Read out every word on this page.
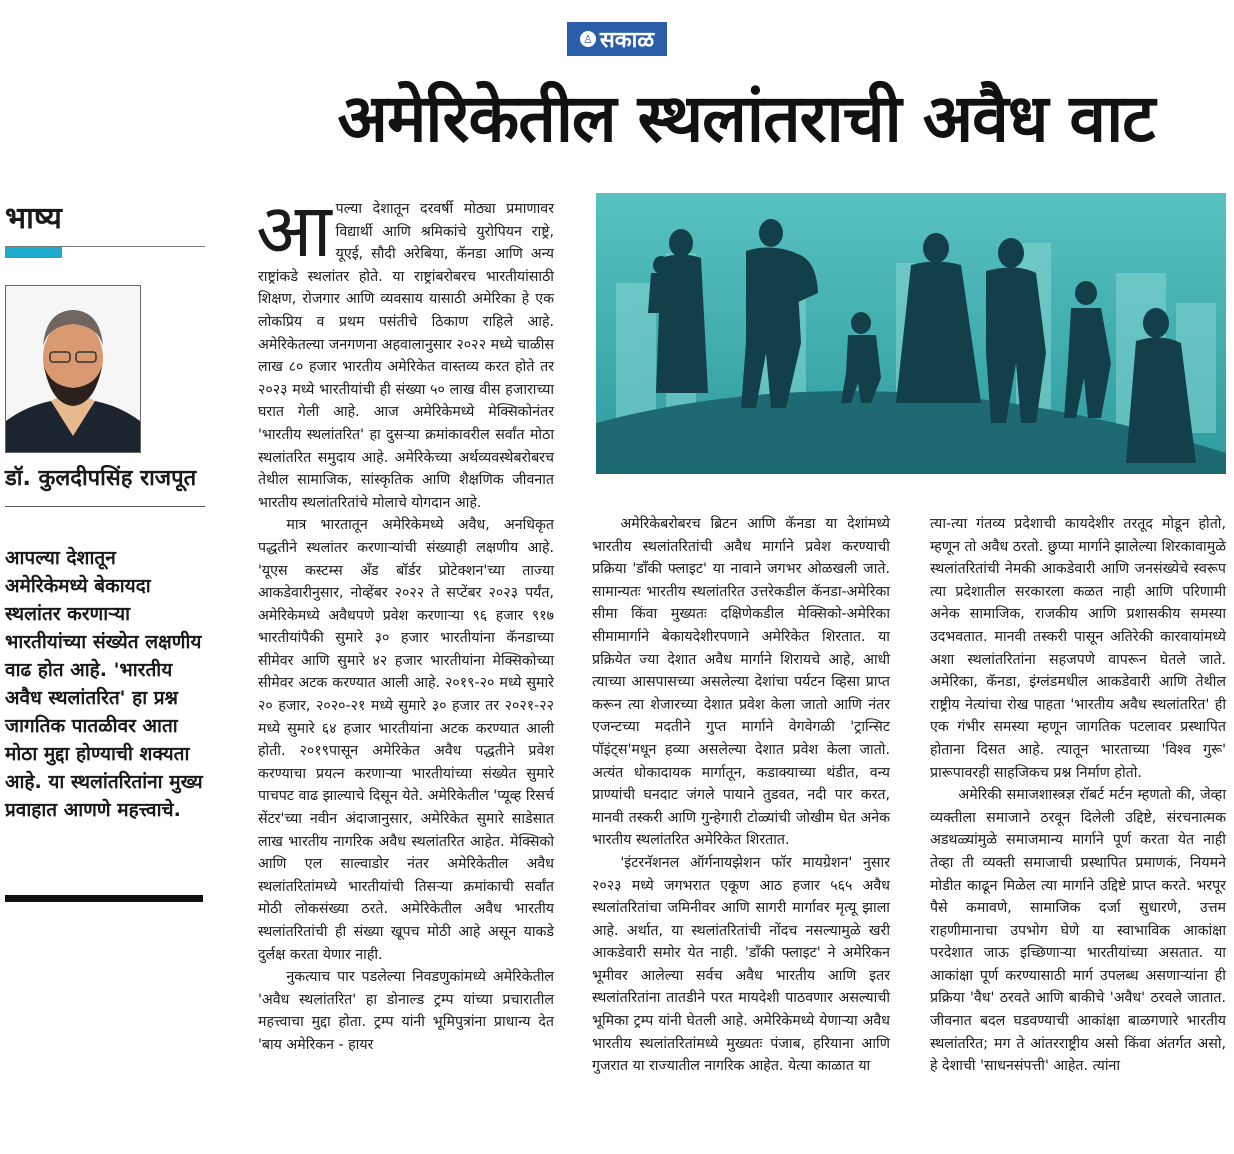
♙ सकाळ
अमेरिकेतील स्थलांतराची अवैध वाट
भाष्य
डॉ. कुलदीपसिंह राजपूत

आपल्या देशातून अमेरिकेमध्ये बेकायदा स्थलांतर करणाऱ्या भारतीयांच्या संख्येत लक्षणीय वाढ होत आहे. 'भारतीय अवैध स्थलांतरित' हा प्रश्न जागतिक पातळीवर आता मोठा मुद्दा होण्याची शक्यता आहे. या स्थलांतरितांना मुख्य प्रवाहात आणणे महत्त्वाचे.

आपल्या देशातून दरवर्षी मोठ्या प्रमाणावर विद्यार्थी आणि श्रमिकांचे युरोपियन राष्ट्रे, यूएई, सौदी अरेबिया, कॅनडा आणि अन्य राष्ट्रांकडे स्थलांतर होते. या राष्ट्रांबरोबरच भारतीयांसाठी शिक्षण, रोजगार आणि व्यवसाय यासाठी अमेरिका हे एक लोकप्रिय व प्रथम पसंतीचे ठिकाण राहिले आहे. अमेरिकेतल्या जनगणना अहवालानुसार २०२२ मध्ये चाळीस लाख ८० हजार भारतीय अमेरिकेत वास्तव्य करत होते तर २०२३ मध्ये भारतीयांची ही संख्या ५० लाख वीस हजाराच्या घरात गेली आहे. आज अमेरिकेमध्ये मेक्सिकोनंतर 'भारतीय स्थलांतरित' हा दुसऱ्या क्रमांकावरील सर्वांत मोठा स्थलांतरित समुदाय आहे. अमेरिकेच्या अर्थव्यवस्थेबरोबरच तेथील सामाजिक, सांस्कृतिक आणि शैक्षणिक जीवनात भारतीय स्थलांतरितांचे मोलाचे योगदान आहे.

मात्र भारतातून अमेरिकेमध्ये अवैध, अनधिकृत पद्धतीने स्थलांतर करणाऱ्यांची संख्याही लक्षणीय आहे. 'यूएस कस्टम्स अँड बॉर्डर प्रोटेक्शन'च्या ताज्या आकडेवारीनुसार, नोव्हेंबर २०२२ ते सप्टेंबर २०२३ पर्यंत, अमेरिकेमध्ये अवैधपणे प्रवेश करणाऱ्या ९६ हजार ९१७ भारतीयांपैकी सुमारे ३० हजार भारतीयांना कॅनडाच्या सीमेवर आणि सुमारे ४२ हजार भारतीयांना मेक्सिकोच्या सीमेवर अटक करण्यात आली आहे. २०१९-२० मध्ये सुमारे २० हजार, २०२०-२१ मध्ये सुमारे ३० हजार तर २०२१-२२ मध्ये सुमारे ६४ हजार भारतीयांना अटक करण्यात आली होती. २०१९पासून अमेरिकेत अवैध पद्धतीने प्रवेश करण्याचा प्रयत्न करणाऱ्या भारतीयांच्या संख्येत सुमारे पाचपट वाढ झाल्याचे दिसून येते. अमेरिकेतील 'प्यूव्ह रिसर्च सेंटर'च्या नवीन अंदाजानुसार, अमेरिकेत सुमारे साडेसात लाख भारतीय नागरिक अवैध स्थलांतरित आहेत. मेक्सिको आणि एल साल्वाडोर नंतर अमेरिकेतील अवैध स्थलांतरितांमध्ये भारतीयांची तिसऱ्या क्रमांकाची सर्वांत मोठी लोकसंख्या ठरते. अमेरिकेतील अवैध भारतीय स्थलांतरितांची ही संख्या खूपच मोठी आहे असून याकडे दुर्लक्ष करता येणार नाही.

नुकत्याच पार पडलेल्या निवडणुकांमध्ये अमेरिकेतील 'अवैध स्थलांतरित' हा डोनाल्ड ट्रम्प यांच्या प्रचारातील महत्त्वाचा मुद्दा होता. ट्रम्प यांनी भूमिपुत्रांना प्राधान्य देत 'बाय अमेरिकन - हायर

अमेरिकेबरोबरच ब्रिटन आणि कॅनडा या देशांमध्ये भारतीय स्थलांतरितांची अवैध मार्गाने प्रवेश करण्याची प्रक्रिया 'डाँकी फ्लाइट' या नावाने जगभर ओळखली जाते. सामान्यतः भारतीय स्थलांतरित उत्तरेकडील कॅनडा-अमेरिका सीमा किंवा मुख्यतः दक्षिणेकडील मेक्सिको-अमेरिका सीमामार्गाने बेकायदेशीरपणाने अमेरिकेत शिरतात. या प्रक्रियेत ज्या देशात अवैध मार्गाने शिरायचे आहे, आधी त्याच्या आसपासच्या असलेल्या देशांचा पर्यटन व्हिसा प्राप्त करून त्या शेजारच्या देशात प्रवेश केला जातो आणि नंतर एजन्टच्या मदतीने गुप्त मार्गाने वेगवेगळी 'ट्रान्सिट पॉइंट्स'मधून हव्या असलेल्या देशात प्रवेश केला जातो. अत्यंत धोकादायक मार्गातून, कडाक्याच्या थंडीत, वन्य प्राण्यांची घनदाट जंगले पायाने तुडवत, नदी पार करत, मानवी तस्करी आणि गुन्हेगारी टोळ्यांची जोखीम घेत अनेक भारतीय स्थलांतरित अमेरिकेत शिरतात.

'इंटरनॅशनल ऑर्गनायझेशन फॉर मायग्रेशन' नुसार २०२३ मध्ये जगभरात एकूण आठ हजार ५६५ अवैध स्थलांतरितांचा जमिनीवर आणि सागरी मार्गावर मृत्यू झाला आहे. अर्थात, या स्थलांतरितांची नोंदच नसल्यामुळे खरी आकडेवारी समोर येत नाही. 'डाँकी फ्लाइट' ने अमेरिकन भूमीवर आलेल्या सर्वच अवैध भारतीय आणि इतर स्थलांतरितांना तातडीने परत मायदेशी पाठवणार असल्याची भूमिका ट्रम्प यांनी घेतली आहे. अमेरिकेमध्ये येणाऱ्या अवैध भारतीय स्थलांतरितांमध्ये मुख्यतः पंजाब, हरियाना आणि गुजरात या राज्यातील नागरिक आहेत. येत्या काळात या

त्या-त्या गंतव्य प्रदेशाची कायदेशीर तरतूद मोडून होतो, म्हणून तो अवैध ठरतो. छुप्या मार्गाने झालेल्या शिरकावामुळे स्थलांतरितांची नेमकी आकडेवारी आणि जनसंख्येचे स्वरूप त्या प्रदेशातील सरकारला कळत नाही आणि परिणामी अनेक सामाजिक, राजकीय आणि प्रशासकीय समस्या उदभवतात. मानवी तस्करी पासून अतिरेकी कारवायांमध्ये अशा स्थलांतरितांना सहजपणे वापरून घेतले जाते. अमेरिका, कॅनडा, इंग्लंडमधील आकडेवारी आणि तेथील राष्ट्रीय नेत्यांचा रोख पाहता 'भारतीय अवैध स्थलांतरित' ही एक गंभीर समस्या म्हणून जागतिक पटलावर प्रस्थापित होताना दिसत आहे. त्यातून भारताच्या 'विश्व गुरू' प्रारूपावरही साहजिकच प्रश्न निर्माण होतो.

अमेरिकी समाजशास्त्रज्ञ रॉबर्ट मर्टन म्हणतो की, जेव्हा व्यक्तीला समाजाने ठरवून दिलेली उद्दिष्टे, संरचनात्मक अडथळ्यांमुळे समाजमान्य मार्गाने पूर्ण करता येत नाही तेव्हा ती व्यक्ती समाजाची प्रस्थापित प्रमाणकं, नियमने मोडीत काढून मिळेल त्या मार्गाने उद्दिष्टे प्राप्त करते. भरपूर पैसे कमावणे, सामाजिक दर्जा सुधारणे, उत्तम राहणीमानाचा उपभोग घेणे या स्वाभाविक आकांक्षा परदेशात जाऊ इच्छिणाऱ्या भारतीयांच्या असतात. या आकांक्षा पूर्ण करण्यासाठी मार्ग उपलब्ध असणाऱ्यांना ही प्रक्रिया 'वैध' ठरवते आणि बाकीचे 'अवैध' ठरवले जातात. जीवनात बदल घडवण्याची आकांक्षा बाळगणारे भारतीय स्थलांतरित; मग ते आंतरराष्ट्रीय असो किंवा अंतर्गत असो, हे देशाची 'साधनसंपत्ती' आहेत. त्यांना
